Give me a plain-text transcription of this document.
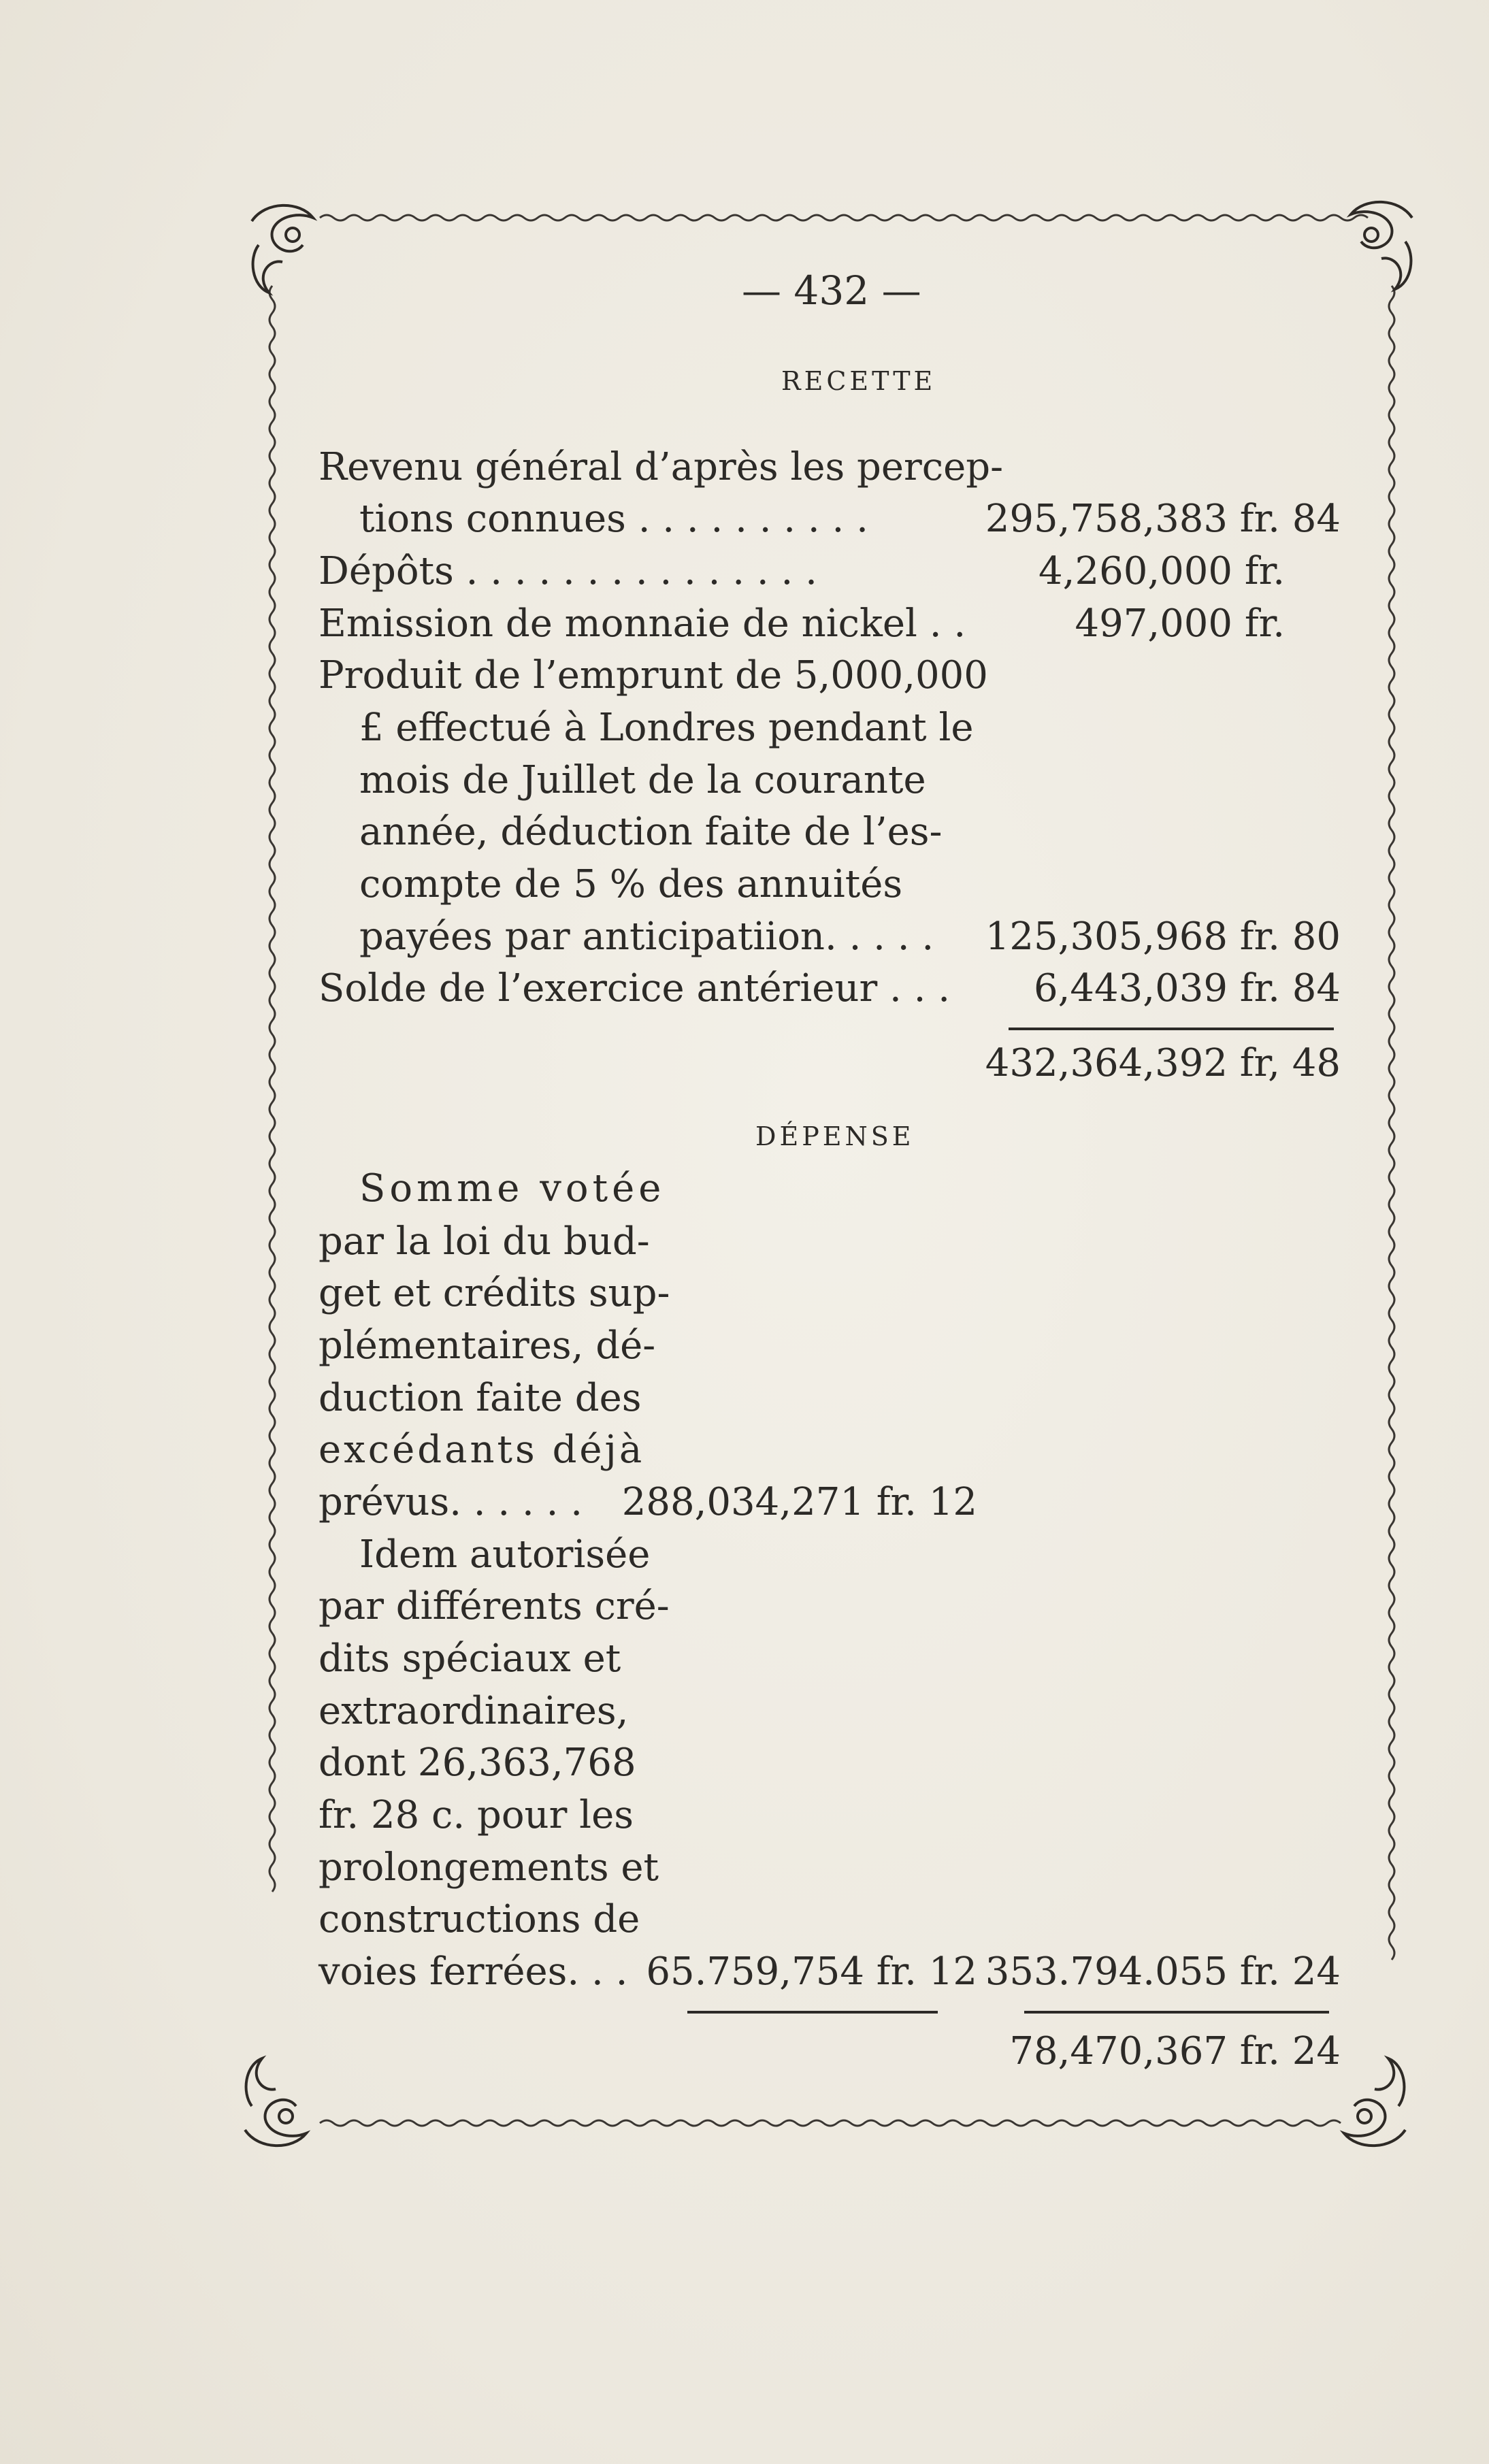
— 432 —
RECETTE
Revenu général d’après les percep-
tions connues . . . . . . . . . .
Dépôts . . . . . . . . . . . . . . .
Emission de monnaie de nickel . .
Produit de l’emprunt de 5,000,000
£ effectué à Londres pendant le
mois de Juillet de la courante
année, déduction faite de l’es-
compte de 5 % des annuités
payées par anticipatiion. . . . .
Solde de l’exercice antérieur . . .
295,758,383 fr. 84
4,260,000 fr.
497,000 fr.
125,305,968 fr. 80
6,443,039 fr. 84
432,364,392 fr, 48
DÉPENSE
Somme votée
par la loi du bud-
get et crédits sup-
plémentaires, dé-
duction faite des
excédants déjà
prévus. . . . . .
Idem autorisée
par différents cré-
dits spéciaux et
extraordinaires,
dont 26,363,768
fr. 28 c. pour les
prolongements et
constructions de
voies ferrées. . .
288,034,271 fr. 12
65.759,754 fr. 12 353.794.055 fr. 24
78,470,367 fr. 24
